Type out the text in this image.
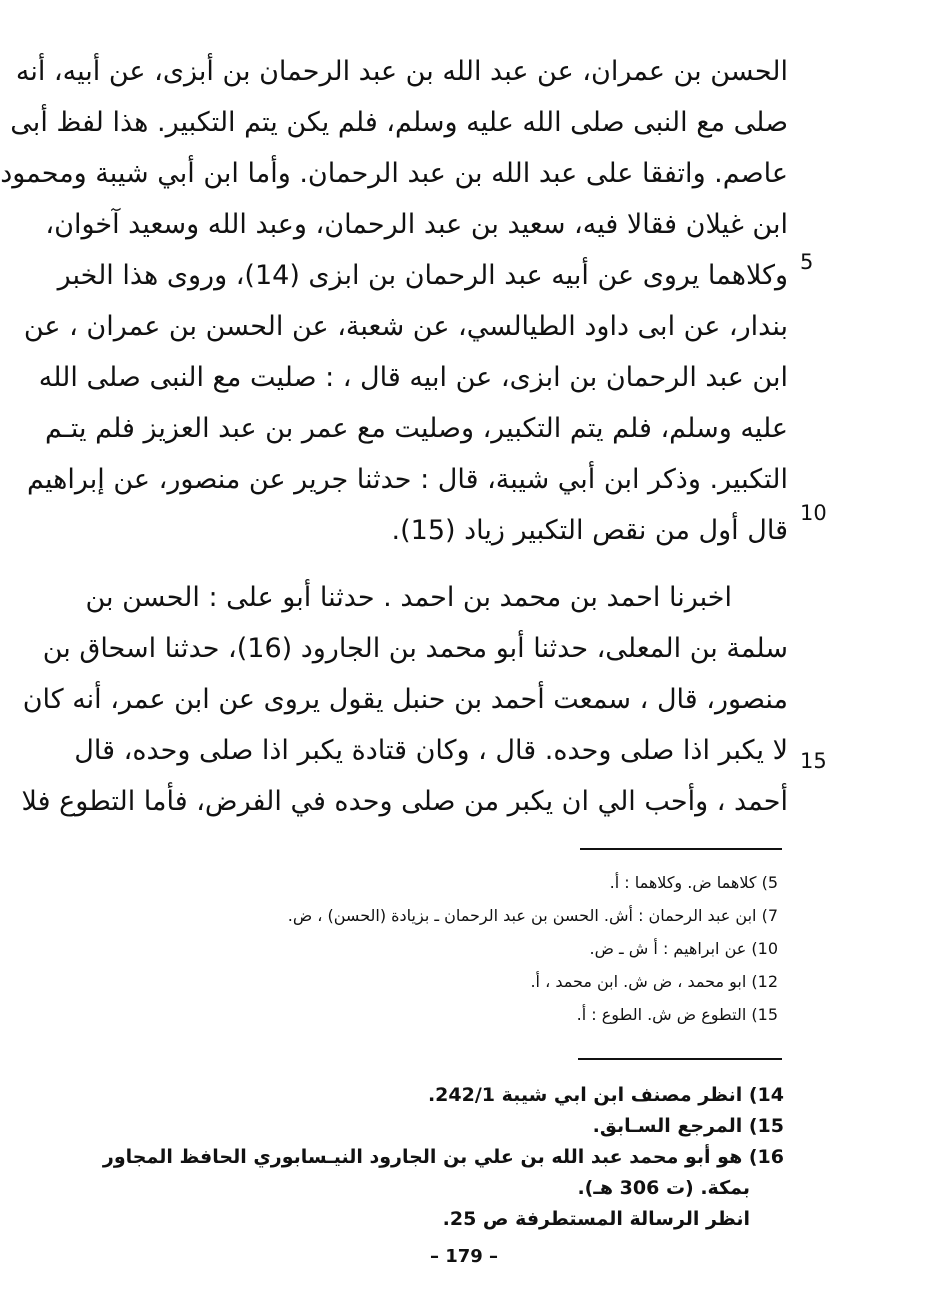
الحسن بن عمران، عن عبد الله بن عبد الرحمان بن أبزى، عن أبيه، أنه
صلى مع النبى صلى الله عليه وسلم، فلم يكن يتم التكبير. هذا لفظ أبى
عاصم. واتفقا على عبد الله بن عبد الرحمان. وأما ابن أبي شيبة ومحمود
ابن غيلان فقالا فيه، سعيد بن عبد الرحمان، وعبد الله وسعيد آخوان،
وكلاهما يروى عن أبيه عبد الرحمان بن ابزى (14)، وروى هذا الخبر
بندار، عن ابى داود الطيالسي، عن شعبة، عن الحسن بن عمران ، عن
ابن عبد الرحمان بن ابزى، عن ابيه قال ، : صليت مع النبى صلى الله
عليه وسلم، فلم يتم التكبير، وصليت مع عمر بن عبد العزيز فلم يتـم
التكبير. وذكر ابن أبي شيبة، قال : حدثنا جرير عن منصور، عن إبراهيم
قال أول من نقص التكبير زياد (15).
اخبرنا احمد بن محمد بن احمد . حدثنا أبو على : الحسن بن
سلمة بن المعلى، حدثنا أبو محمد بن الجارود (16)، حدثنا اسحاق بن
منصور، قال ، سمعت أحمد بن حنبل يقول يروى عن ابن عمر، أنه كان
لا يكبر اذا صلى وحده. قال ، وكان قتادة يكبر اذا صلى وحده، قال
أحمد ، وأحب الي ان يكبر من صلى وحده في الفرض، فأما التطوع فلا
5
10
15
5) كلاهما ض. وكلاهما : أ.
7) ابن عبد الرحمان : أش. الحسن بن عبد الرحمان ـ بزيادة (الحسن) ، ض.
10) عن ابراهيم : أ ش ـ ض.
12) ابو محمد ، ض ش. ابن محمد ، أ.
15) التطوع ض ش. الطوع : أ.
14) انظر مصنف ابن ابي شيبة 242/1.
15) المرجع السـابق.
16) هو أبو محمد عبد الله بن علي بن الجارود النيـسابوري الحافظ المجاور
بمكة. (ت 306 هـ).
انظر الرسالة المستطرفة ص 25.
– 179 –
